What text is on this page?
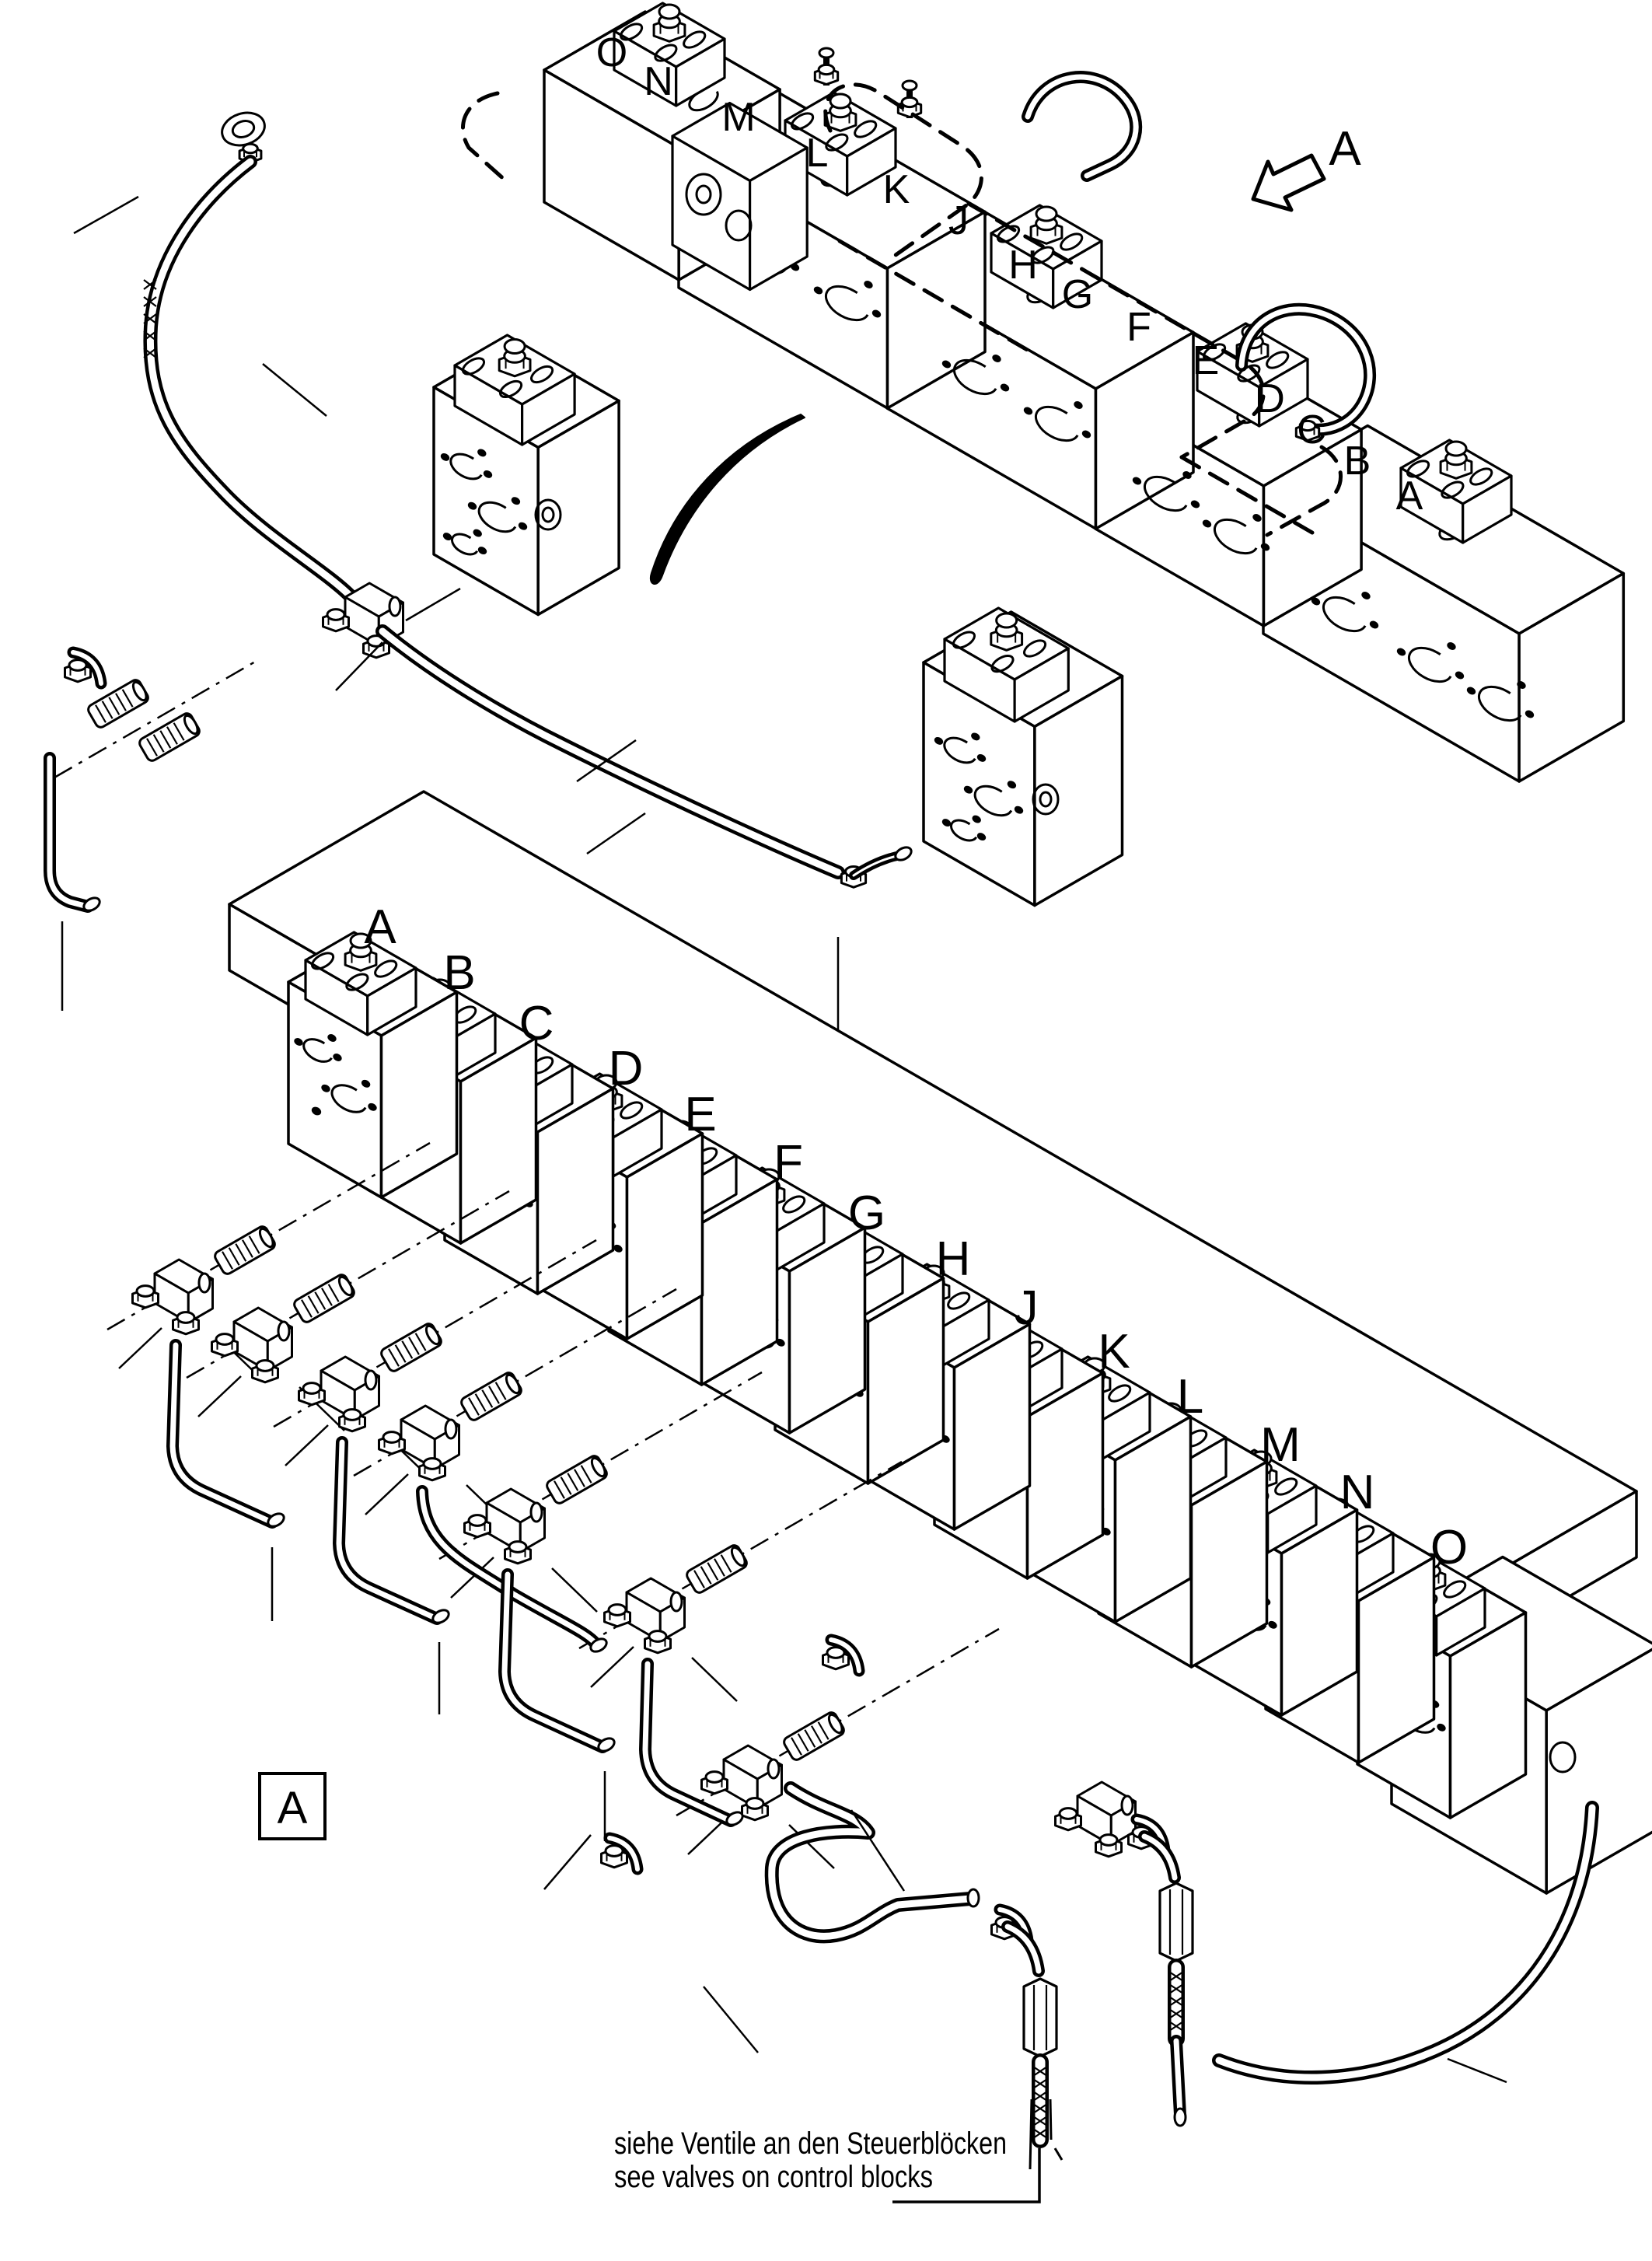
O
N
M
L
K
J
H
G
F
E
D
C
B
A
A
B
C
D
E
F
G
H
J
K
L
M
N
O
A
A
siehe Ventile an den Steuerblöcken
see valves on control blocks
